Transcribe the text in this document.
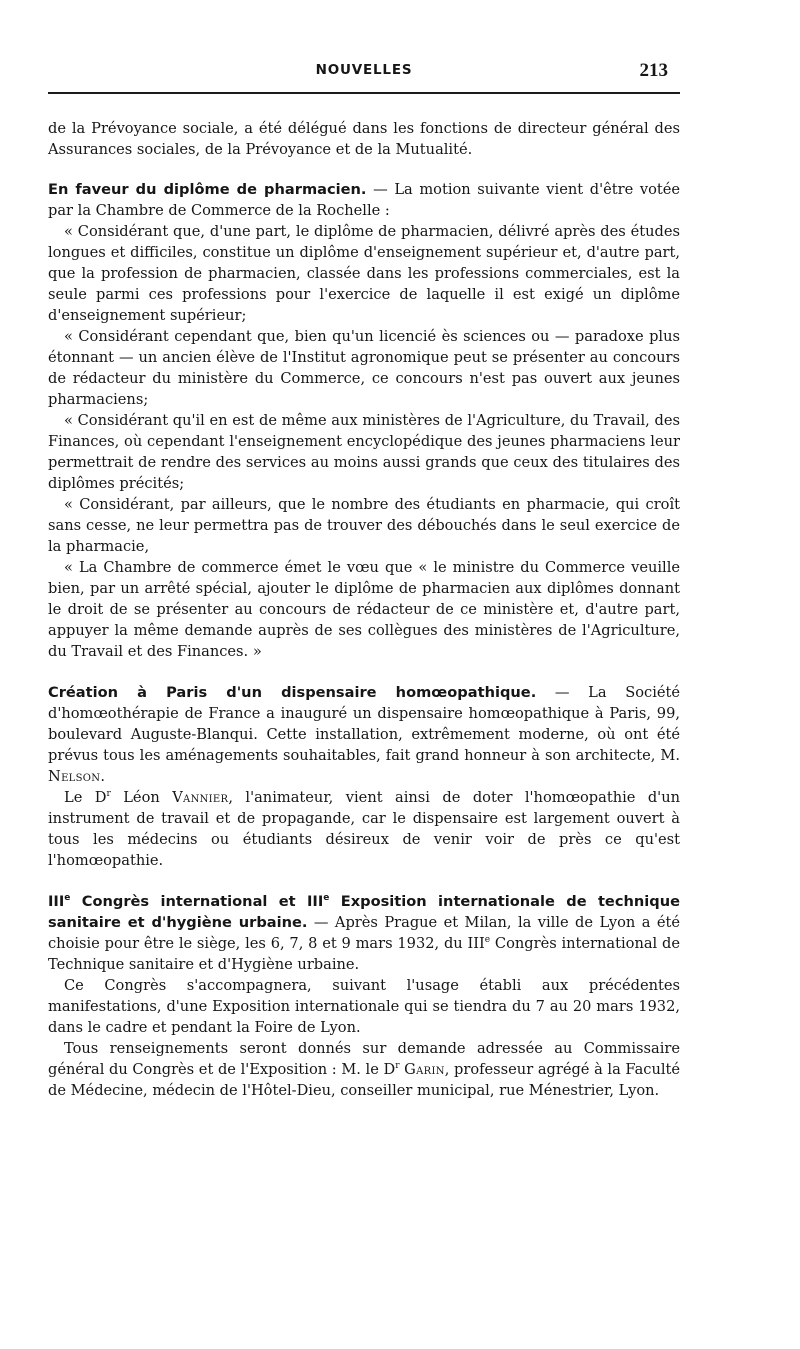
NOUVELLES	213

de la Prévoyance sociale, a été délégué dans les fonctions de directeur général des Assurances sociales, de la Prévoyance et de la Mutualité.

En faveur du diplôme de pharmacien. — La motion suivante vient d'être votée par la Chambre de Commerce de la Rochelle :

« Considérant que, d'une part, le diplôme de pharmacien, délivré après des études longues et difficiles, constitue un diplôme d'enseignement supérieur et, d'autre part, que la profession de pharmacien, classée dans les professions commerciales, est la seule parmi ces professions pour l'exercice de laquelle il est exigé un diplôme d'enseignement supérieur;

« Considérant cependant que, bien qu'un licencié ès sciences ou — paradoxe plus étonnant — un ancien élève de l'Institut agronomique peut se présenter au concours de rédacteur du ministère du Commerce, ce concours n'est pas ouvert aux jeunes pharmaciens;

« Considérant qu'il en est de même aux ministères de l'Agriculture, du Travail, des Finances, où cependant l'enseignement encyclopédique des jeunes pharmaciens leur permettrait de rendre des services au moins aussi grands que ceux des titulaires des diplômes précités;

« Considérant, par ailleurs, que le nombre des étudiants en pharmacie, qui croît sans cesse, ne leur permettra pas de trouver des débouchés dans le seul exercice de la pharmacie,

« La Chambre de commerce émet le vœu que « le ministre du Commerce veuille bien, par un arrêté spécial, ajouter le diplôme de pharmacien aux diplômes donnant le droit de se présenter au concours de rédacteur de ce ministère et, d'autre part, appuyer la même demande auprès de ses collègues des ministères de l'Agriculture, du Travail et des Finances. »

Création à Paris d'un dispensaire homœopathique. — La Société d'homœothérapie de France a inauguré un dispensaire homœopathique à Paris, 99, boulevard Auguste-Blanqui. Cette installation, extrêmement moderne, où ont été prévus tous les aménagements souhaitables, fait grand honneur à son architecte, M. Nelson.

Le $D^r$ Léon Vannier, l'animateur, vient ainsi de doter l'homœopathie d'un instrument de travail et de propagande, car le dispensaire est largement ouvert à tous les médecins ou étudiants désireux de venir voir de près ce qu'est l'homœopathie.

IIIe Congrès international et IIIe Exposition internationale de technique sanitaire et d'hygiène urbaine. — Après Prague et Milan, la ville de Lyon a été choisie pour être le siège, les 6, 7, 8 et 9 mars 1932, du IIIe Congrès international de Technique sanitaire et d'Hygiène urbaine.

Ce Congrès s'accompagnera, suivant l'usage établi aux précédentes manifestations, d'une Exposition internationale qui se tiendra du 7 au 20 mars 1932, dans le cadre et pendant la Foire de Lyon.

Tous renseignements seront donnés sur demande adressée au Commissaire général du Congrès et de l'Exposition : M. le $D^r$ Garin, professeur agrégé à la Faculté de Médecine, médecin de l'Hôtel-Dieu, conseiller municipal, rue Ménestrier, Lyon.
